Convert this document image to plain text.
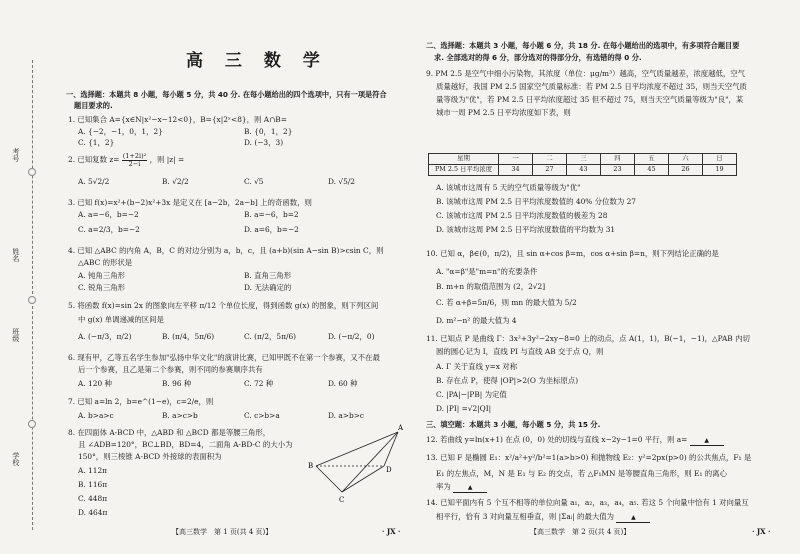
考号
姓名
班级
学校
高 三 数 学
一、选择题：本题共 8 小题，每小题 5 分，共 40 分. 在每小题给出的四个选项中，只有一项是符合
题目要求的.
1. 已知集合 A={x∈N|x²−x−12<0}，B={x|2ˣ<8}，则 A∩B=
A. {−2，−1，0，1，2}	B. {0，1，2}
C. {1，2}	D. (−3，3)
2. 已知复数 $z= \frac{\text{(1+2i)²}}{2-i}$ ，则 |z| =
A. 5√2/2	B. √2/2	C. √5	D. √5/2
3. 已知 f(x)=x²+(b−2)x²+3x 是定义在 [a−2b，2a−b] 上的奇函数，则
A. a=−6，b=−2	B. a=−6，b=2
C. a=2/3，b=−2	D. a=6，b=−2
4. 已知 △ABC 的内角 A，B，C 的对边分别为 a，b，c，且 (a+b)(sin A−sin B)>csin C，则
△ABC 的形状是
A. 钝角三角形	B. 直角三角形
C. 锐角三角形	D. 无法确定的
5. 将函数 f(x)=sin 2x 的图象向左平移 π/12 个单位长度，得到函数 g(x) 的图象，则下列区间
中 g(x) 单调递减的区间是
A. (−π/3，π/2)	B. (π/4，5π/6)	C. (π/2，5π/6)	D. (−π/2，0)
6. 现有甲，乙等五名学生参加"弘扬中华文化"的演讲比赛，已知甲既不在第一个参赛，又不在最
后一个参赛，且乙是第二个参赛，则不同的参赛顺序共有
A. 120 种	B. 96 种	C. 72 种	D. 60 种
7. 已知 a=ln 2，b=e^(1−e)，c=2/e，则
A. b>a>c	B. a>c>b	C. c>b>a	D. a>b>c
8. 在四面体 A-BCD 中，△ABD 和 △BCD 都是等腰三角形，
且 ∠ADB=120°，BC⊥BD，BD=4，二面角 A-BD-C 的大小为
150°，则三棱锥 A-BCD 外接球的表面积为
A. 112π
B. 116π
C. 448π
D. 464π
【高三数学　第 1 页(共 4 页)】	· JX ·
A
B
C
D
二、选择题：本题共 3 小题，每小题 6 分，共 18 分. 在每小题给出的选项中，有多项符合题目要
求. 全部选对的得 6 分，部分选对的得部分分，有选错的得 0 分.
9. PM 2.5 是空气中细小污染物，其浓度（单位：μg/m³）越高，空气质量越差，浓度越低，空气
质量越好，我国 PM 2.5 国家空气质量标准：若 PM 2.5 日平均浓度不超过 35，则当天空气质
量等级为"优"，若 PM 2.5 日平均浓度超过 35 但不超过 75，则当天空气质量等级为"良"，某
城市一周 PM 2.5 日平均浓度如下表，则
星期	一	二	三	四	五	六	日
PM 2.5 日平均浓度	34	27	43	23	45	26	19
A. 该城市这周有 5 天的空气质量等级为"优"
B. 该城市这周 PM 2.5 日平均浓度数值的 40% 分位数为 27
C. 该城市这周 PM 2.5 日平均浓度数值的极差为 28
D. 该城市这周 PM 2.5 日平均浓度数值的平均数为 31
10. 已知 α，β∈(0，π/2)，且 sin α+cos β=m，cos α+sin β=n，则下列结论正确的是
A. "α=β"是"m=n"的充要条件
B. m+n 的取值范围为 (2，2√2]
C. 若 α+β=5π/6，则 mn 的最大值为 5/2
D. m²−n² 的最大值为 4
11. 已知点 P 是曲线 Γ：3x²+3y²−2xy−8=0 上的动点，点 A(1，1)，B(−1，−1)，△PAB 内切
圆的圆心记为 I，直线 PI 与直线 AB 交于点 Q，则
A. Γ 关于直线 y=x 对称
B. 存在点 P，使得 |OP|>2(O 为坐标原点)
C. |PA|−|PB| 为定值
D. |PI| =√2|QI|
三、填空题：本题共 3 小题，每小题 5 分，共 15 分.
12. 若曲线 y=ln(x+1) 在点 (0，0) 处的切线与直线 x−2y−1=0 平行，则 a=	▲
13. 已知 F 是椭圆 E₁：x²/a²+y²/b²=1(a>b>0) 和抛物线 E₂：y²=2px(p>0) 的公共焦点，F₁ 是
E₁ 的左焦点，M，N 是 E₁ 与 E₂ 的交点，若 △F₁MN 是等腰直角三角形，则 E₁ 的离心
率为	▲
14. 已知平面内有 5 个互不相等的单位向量 a₁，a₂，a₃，a₄，a₅. 若这 5 个向量中恰有 1 对向量互
相平行，恰有 3 对向量互相垂直，则 |Σaᵢ| 的最大值为	▲
【高三数学　第 2 页(共 4 页)】	· JX ·
